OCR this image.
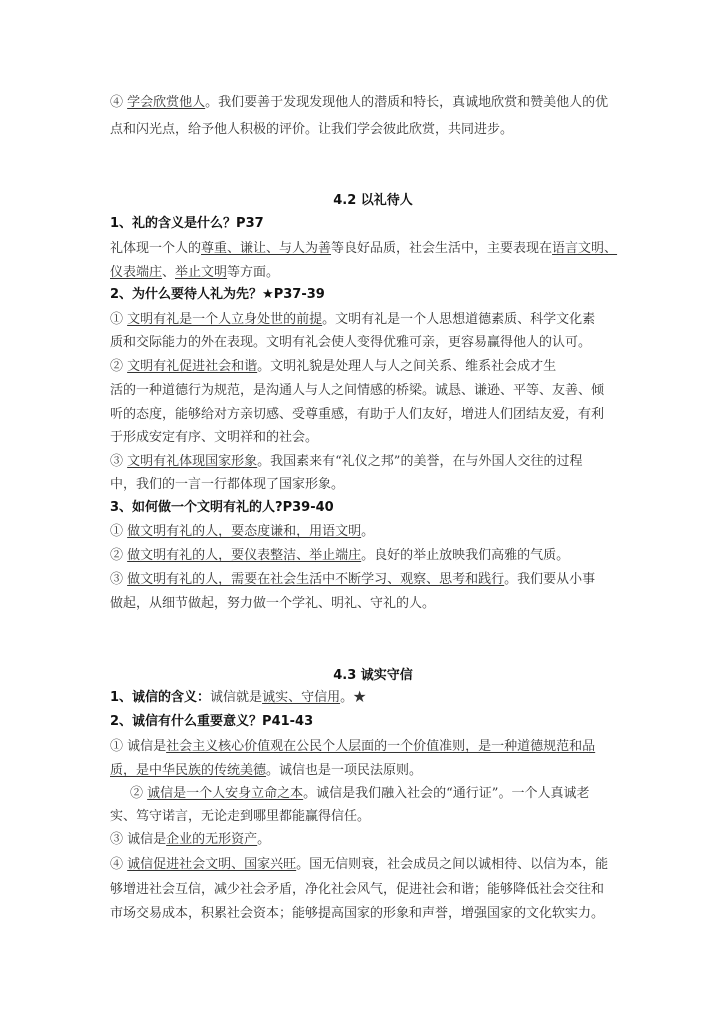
④ 学会欣赏他人。我们要善于发现发现他人的潜质和特长，真诚地欣赏和赞美他人的优
点和闪光点，给予他人积极的评价。让我们学会彼此欣赏，共同进步。
4.2 以礼待人
1、礼的含义是什么？P37
礼体现一个人的尊重、谦让、与人为善等良好品质，社会生活中，主要表现在语言文明、
仪表端庄、举止文明等方面。
2、为什么要待人礼为先？★P37-39
① 文明有礼是一个人立身处世的前提。文明有礼是一个人思想道德素质、科学文化素
质和交际能力的外在表现。文明有礼会使人变得优雅可亲，更容易赢得他人的认可。
② 文明有礼促进社会和谐。文明礼貌是处理人与人之间关系、维系社会成才生
活的一种道德行为规范，是沟通人与人之间情感的桥梁。诚恳、谦逊、平等、友善、倾
听的态度，能够给对方亲切感、受尊重感，有助于人们友好，增进人们团结友爱，有利
于形成安定有序、文明祥和的社会。
③ 文明有礼体现国家形象。我国素来有“礼仪之邦”的美誉，在与外国人交往的过程
中，我们的一言一行都体现了国家形象。
3、如何做一个文明有礼的人?P39-40
① 做文明有礼的人，要态度谦和，用语文明。
② 做文明有礼的人，要仪表整洁、举止端庄。良好的举止放映我们高雅的气质。
③ 做文明有礼的人，需要在社会生活中不断学习、观察、思考和践行。我们要从小事
做起，从细节做起，努力做一个学礼、明礼、守礼的人。
4.3 诚实守信
1、诚信的含义：诚信就是诚实、守信用。★
2、诚信有什么重要意义？P41-43
① 诚信是社会主义核心价值观在公民个人层面的一个价值准则，是一种道德规范和品
质，是中华民族的传统美德。诚信也是一项民法原则。
② 诚信是一个人安身立命之本。诚信是我们融入社会的“通行证”。一个人真诚老
实、笃守诺言，无论走到哪里都能赢得信任。
③ 诚信是企业的无形资产。
④ 诚信促进社会文明、国家兴旺。国无信则衰，社会成员之间以诚相待、以信为本，能
够增进社会互信，减少社会矛盾，净化社会风气，促进社会和谐；能够降低社会交往和
市场交易成本，积累社会资本；能够提高国家的形象和声誉，增强国家的文化软实力。
